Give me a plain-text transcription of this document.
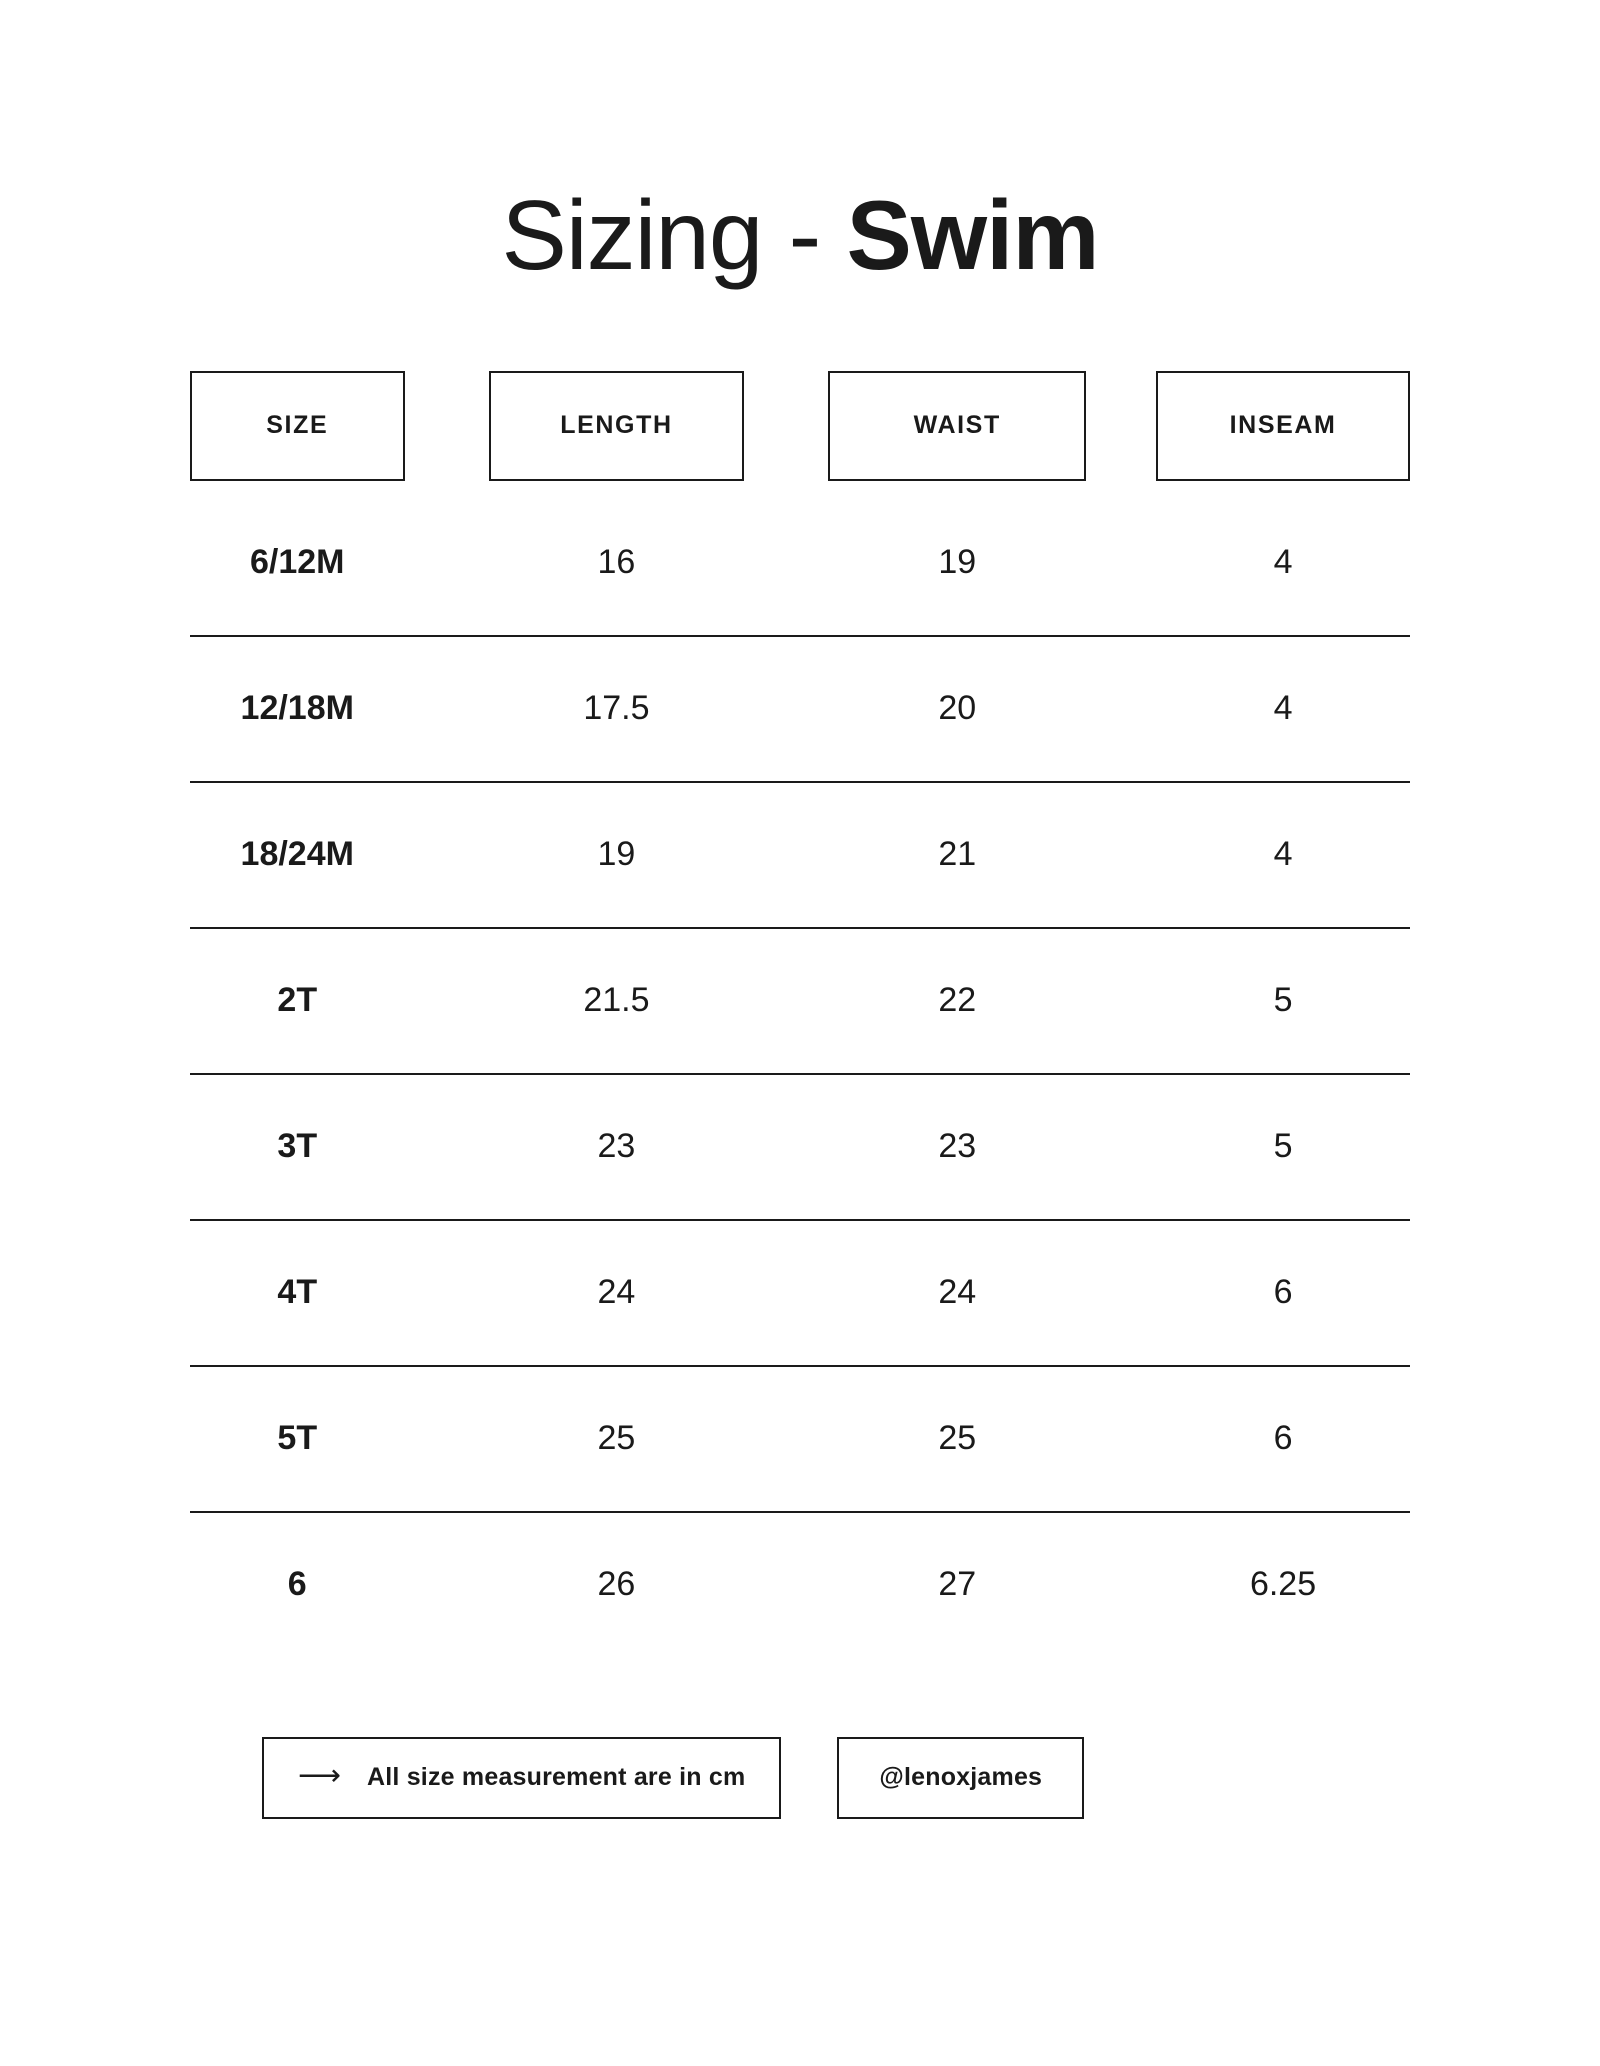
Sizing - Swim
SIZE	LENGTH	WAIST	INSEAM
6/12M	16	19	4
12/18M	17.5	20	4
18/24M	19	21	4
2T	21.5	22	5
3T	23	23	5
4T	24	24	6
5T	25	25	6
6	26	27	6.25
⟶ All size measurement are in cm	@lenoxjames
